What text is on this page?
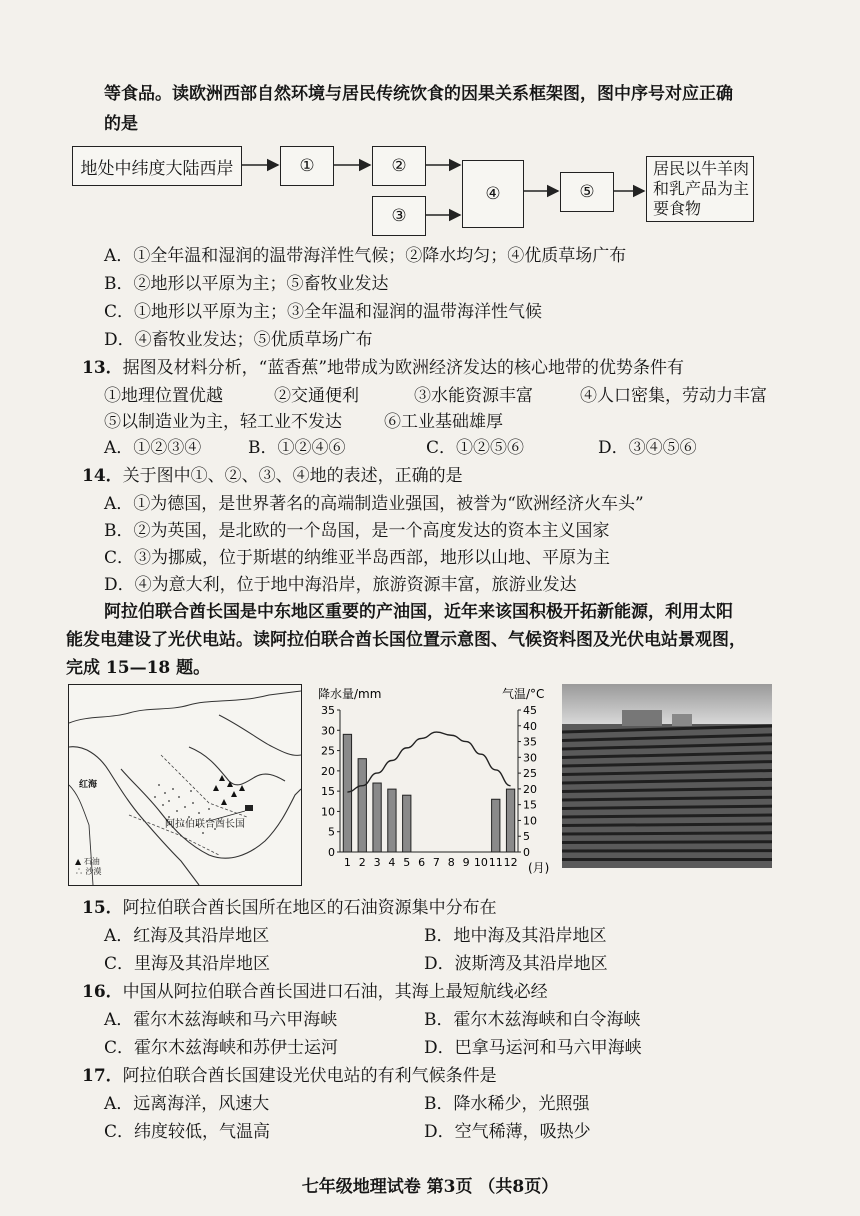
等食品。读欧洲西部自然环境与居民传统饮食的因果关系框架图，图中序号对应正确
的是
地处中纬度大陆西岸	①	②
③
④	⑤
居民以牛羊肉
和乳产品为主
要食物
A．①全年温和湿润的温带海洋性气候；②降水均匀；④优质草场广布
B．②地形以平原为主；⑤畜牧业发达
C．①地形以平原为主；③全年温和湿润的温带海洋性气候
D．④畜牧业发达；⑤优质草场广布
13．据图及材料分析，“蓝香蕉”地带成为欧洲经济发达的核心地带的优势条件有
①地理位置优越	②交通便利	③水能资源丰富	④人口密集，劳动力丰富
⑤以制造业为主，轻工业不发达 ⑥工业基础雄厚
A．①②③④	B．①②④⑥	C．①②⑤⑥	D．③④⑤⑥
14．关于图中①、②、③、④地的表述，正确的是
A．①为德国，是世界著名的高端制造业强国，被誉为“欧洲经济火车头”
B．②为英国，是北欧的一个岛国，是一个高度发达的资本主义国家
C．③为挪威，位于斯堪的纳维亚半岛西部，地形以山地、平原为主
D．④为意大利，位于地中海沿岸，旅游资源丰富，旅游业发达
阿拉伯联合酋长国是中东地区重要的产油国，近年来该国积极开拓新能源，利用太阳
能发电建设了光伏电站。读阿拉伯联合酋长国位置示意图、气候资料图及光伏电站景观图，
完成 15—18 题。
红海
阿拉伯联合酋长国
▲ 石油
∴ 沙漠
降水量/mm	气温/°C
(月)
0
5
10
15
20
25
30
35
0
5
10
15
20
25
30
35
40
45
1 2 3 4 5 6 7 8 9 10 11 12
15．阿拉伯联合酋长国所在地区的石油资源集中分布在
A．红海及其沿岸地区	B．地中海及其沿岸地区
C．里海及其沿岸地区	D．波斯湾及其沿岸地区
16．中国从阿拉伯联合酋长国进口石油，其海上最短航线必经
A．霍尔木兹海峡和马六甲海峡	B．霍尔木兹海峡和白令海峡
C．霍尔木兹海峡和苏伊士运河	D．巴拿马运河和马六甲海峡
17．阿拉伯联合酋长国建设光伏电站的有利气候条件是
A．远离海洋，风速大	B．降水稀少，光照强
C．纬度较低，气温高	D．空气稀薄，吸热少
七年级地理试卷 第3页 （共8页）
